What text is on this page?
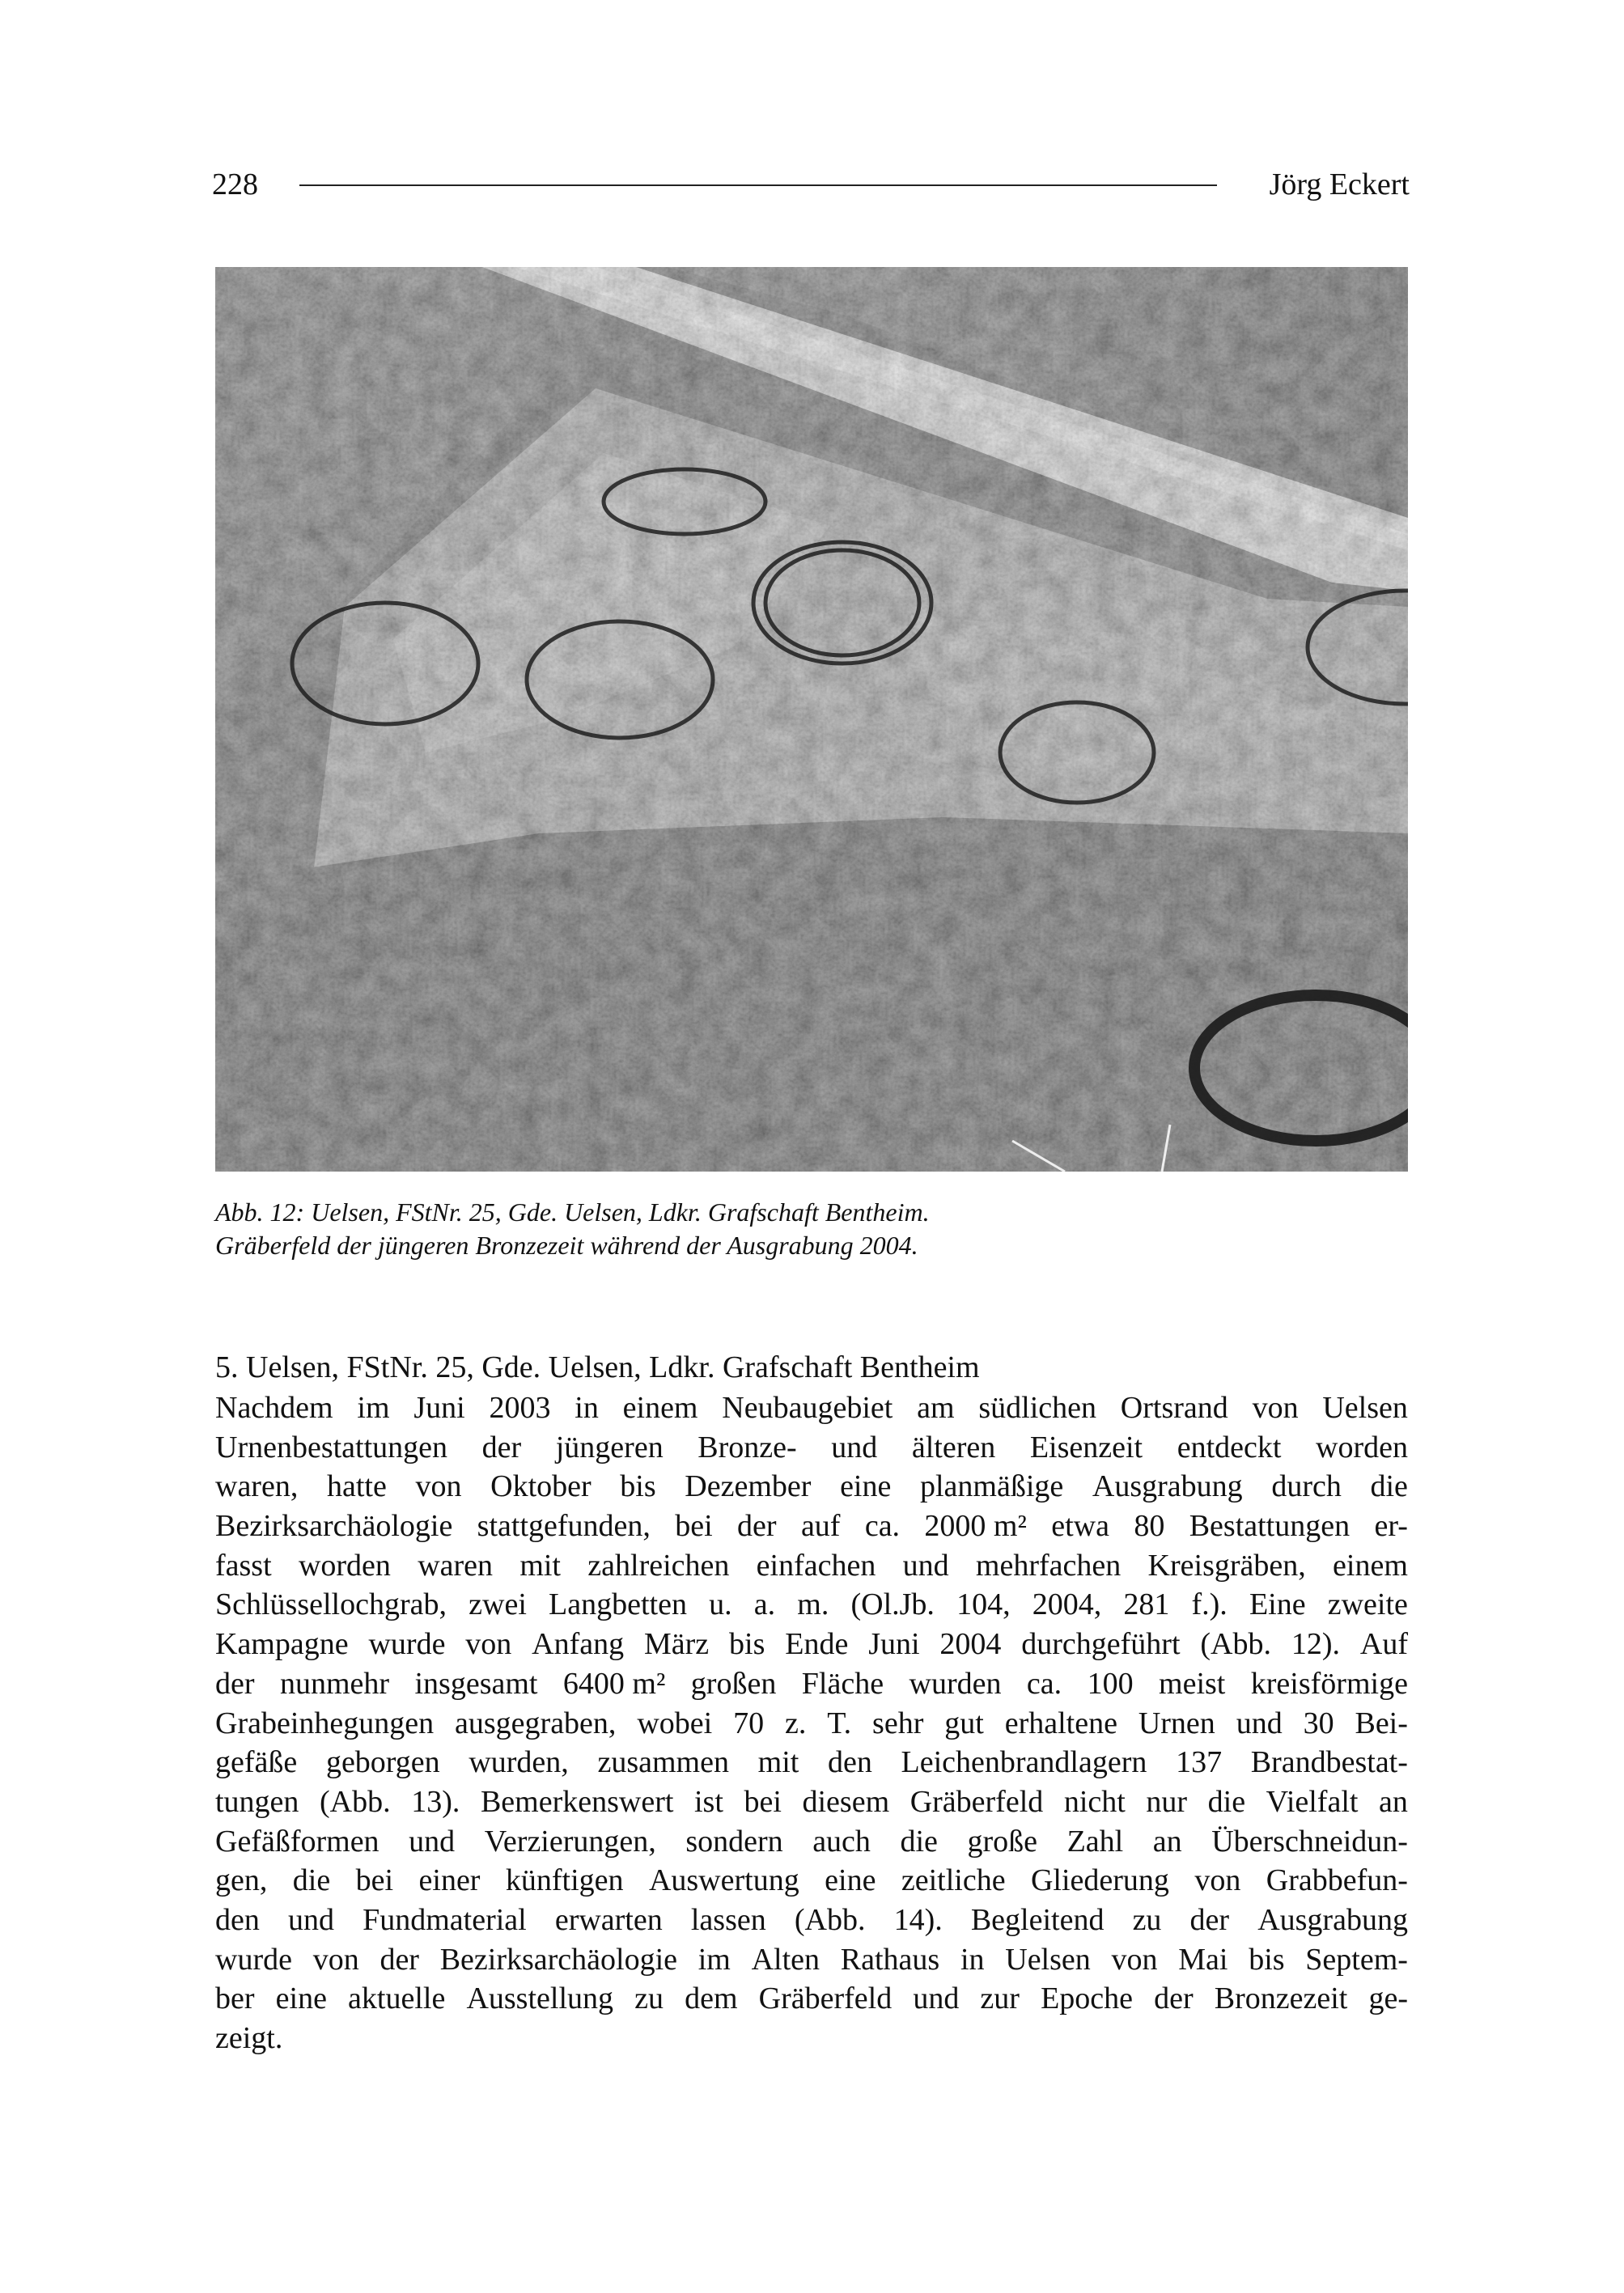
228	Jörg Eckert
Abb. 12: Uelsen, FStNr. 25, Gde. Uelsen, Ldkr. Grafschaft Bentheim.
Gräberfeld der jüngeren Bronzezeit während der Ausgrabung 2004.
5. Uelsen, FStNr. 25, Gde. Uelsen, Ldkr. Grafschaft Bentheim
Nachdem im Juni 2003 in einem Neubaugebiet am südlichen Ortsrand von Uelsen
Urnenbestattungen der jüngeren Bronze- und älteren Eisenzeit entdeckt worden
waren, hatte von Oktober bis Dezember eine planmäßige Ausgrabung durch die
Bezirksarchäologie stattgefunden, bei der auf ca. 2000 m² etwa 80 Bestattungen er-
fasst worden waren mit zahlreichen einfachen und mehrfachen Kreisgräben, einem
Schlüssellochgrab, zwei Langbetten u. a. m. (Ol.Jb. 104, 2004, 281 f.). Eine zweite
Kampagne wurde von Anfang März bis Ende Juni 2004 durchgeführt (Abb. 12). Auf
der nunmehr insgesamt 6400 m² großen Fläche wurden ca. 100 meist kreisförmige
Grabeinhegungen ausgegraben, wobei 70 z. T. sehr gut erhaltene Urnen und 30 Bei-
gefäße geborgen wurden, zusammen mit den Leichenbrandlagern 137 Brandbestat-
tungen (Abb. 13). Bemerkenswert ist bei diesem Gräberfeld nicht nur die Vielfalt an
Gefäßformen und Verzierungen, sondern auch die große Zahl an Überschneidun-
gen, die bei einer künftigen Auswertung eine zeitliche Gliederung von Grabbefun-
den und Fundmaterial erwarten lassen (Abb. 14). Begleitend zu der Ausgrabung
wurde von der Bezirksarchäologie im Alten Rathaus in Uelsen von Mai bis Septem-
ber eine aktuelle Ausstellung zu dem Gräberfeld und zur Epoche der Bronzezeit ge-
zeigt.
